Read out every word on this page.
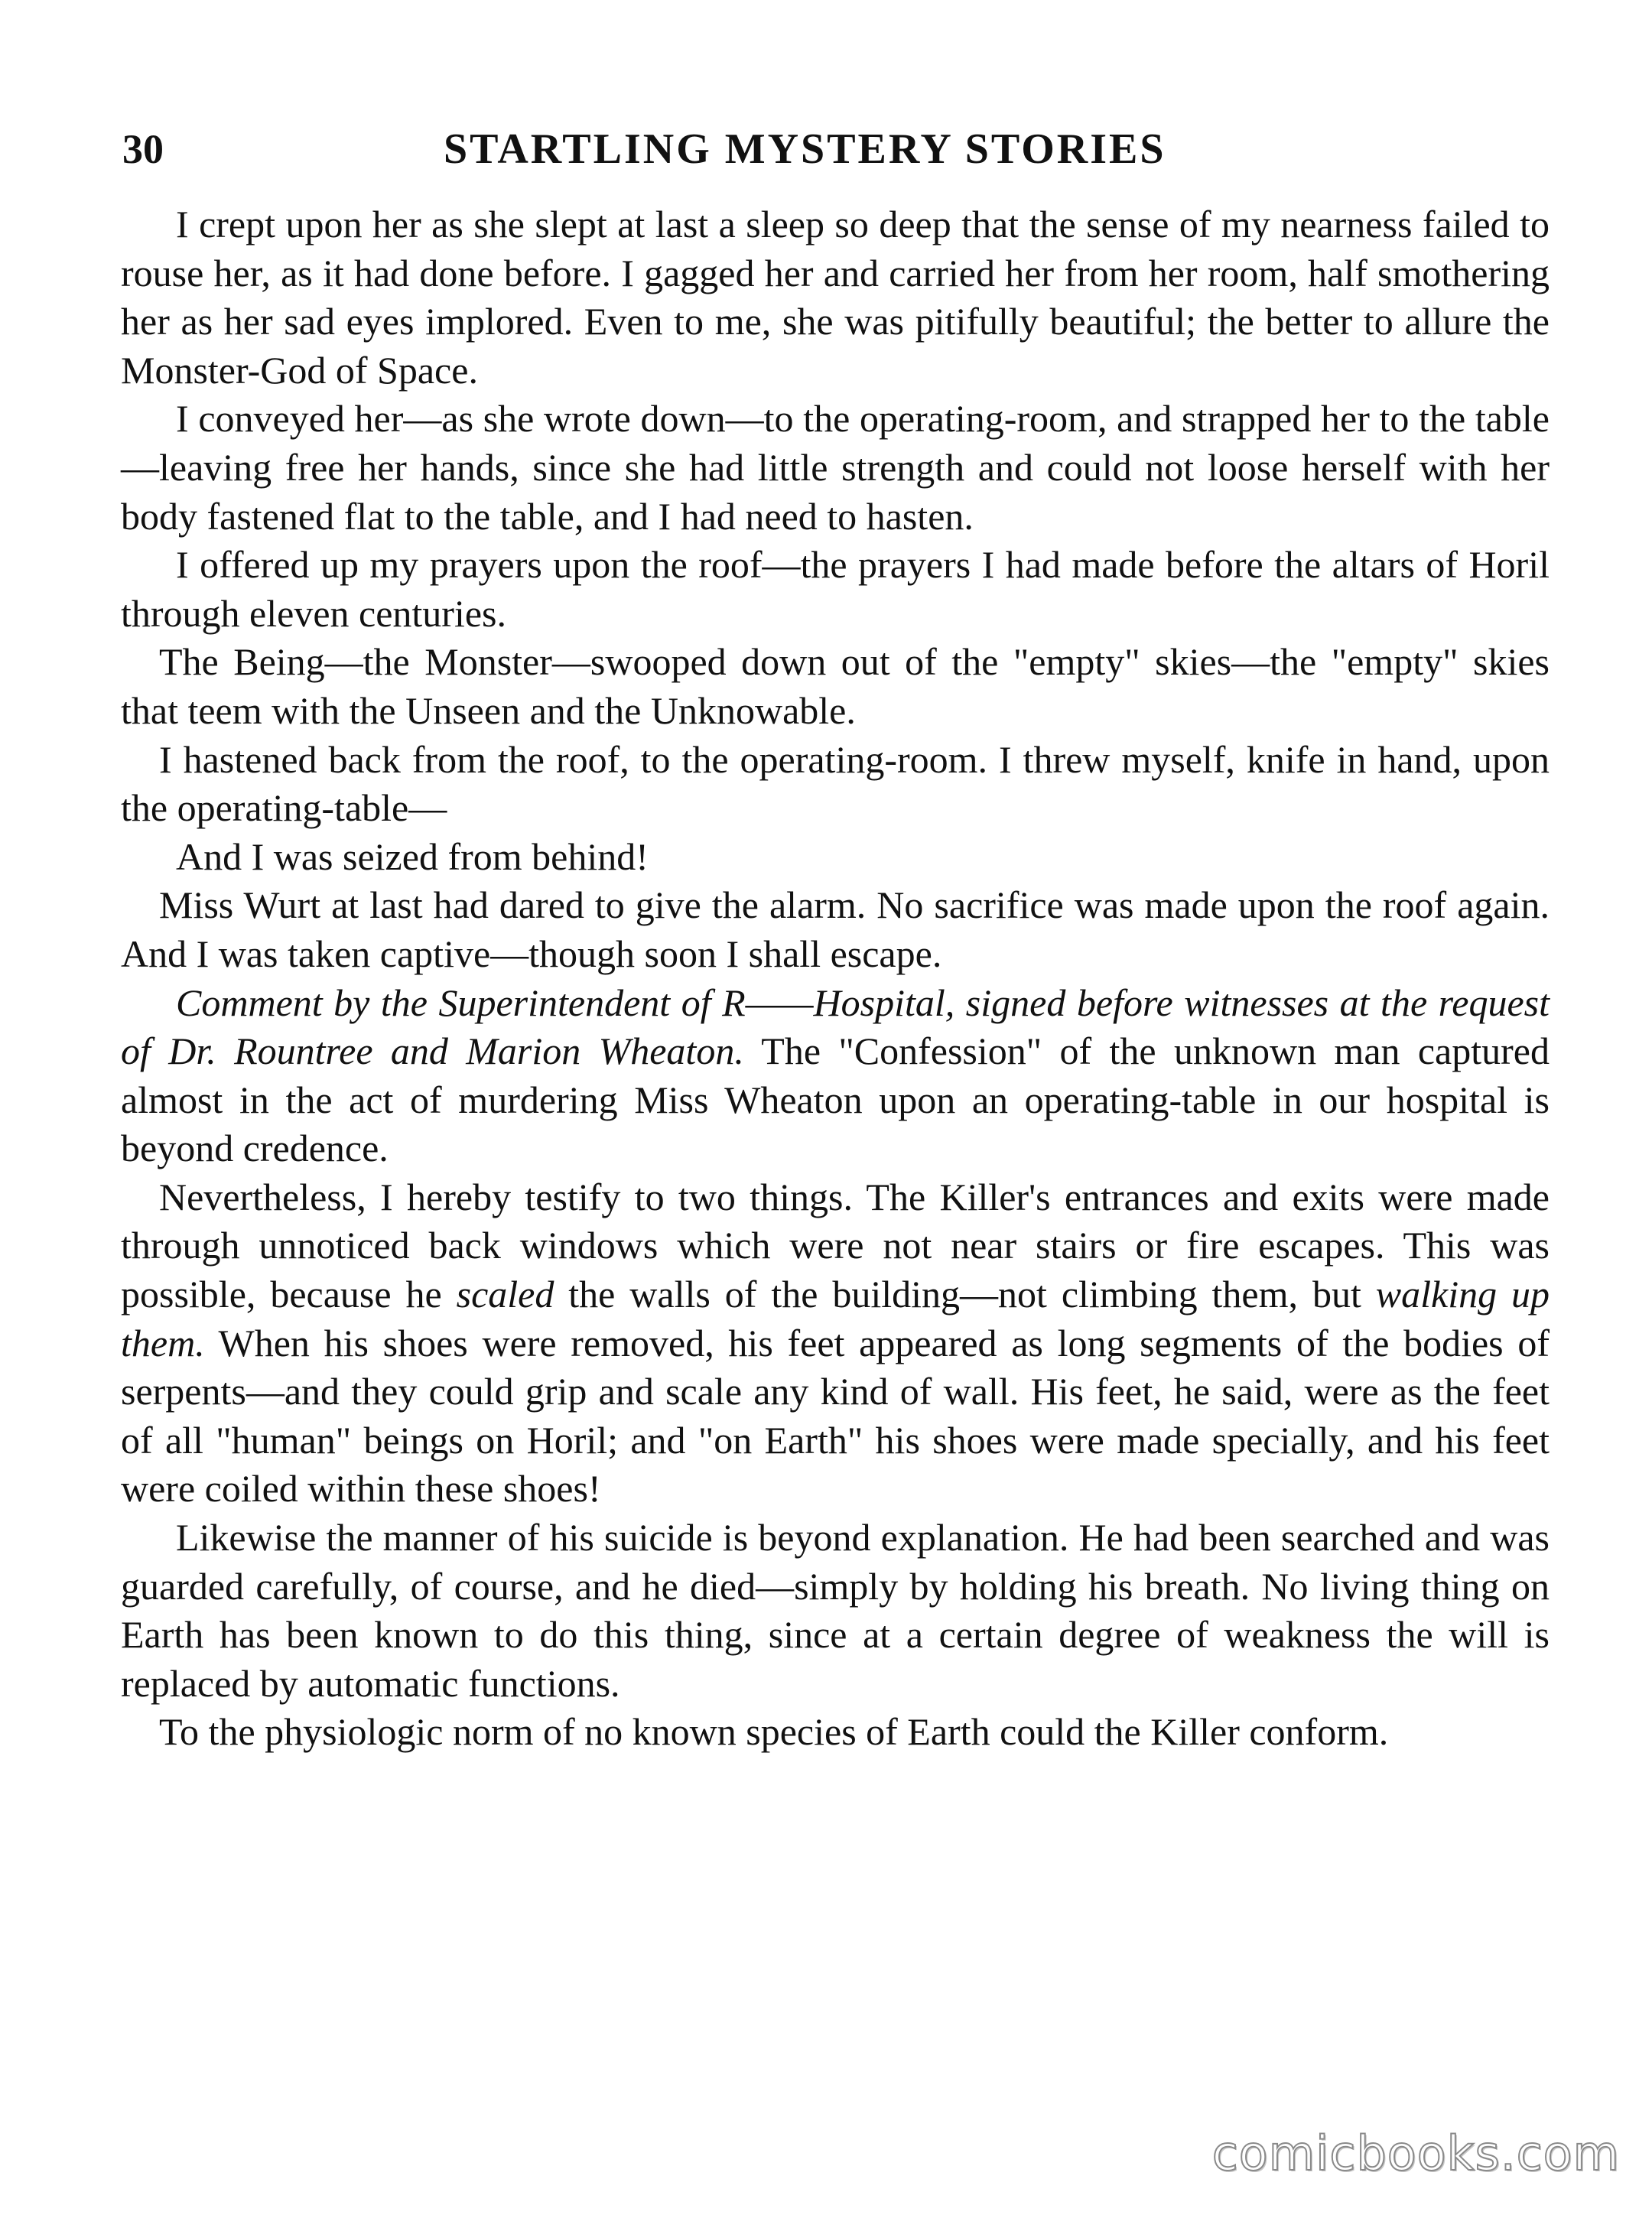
30	STARTLING MYSTERY STORIES

I crept upon her as she slept at last a sleep so deep that the sense of my nearness failed to rouse her, as it had done before. I gagged her and carried her from her room, half smothering her as her sad eyes implored. Even to me, she was pitifully beautiful; the better to allure the Monster-God of Space.

I conveyed her—as she wrote down—to the operating-room, and strapped her to the table—leaving free her hands, since she had little strength and could not loose herself with her body fastened flat to the table, and I had need to hasten.

I offered up my prayers upon the roof—the prayers I had made before the altars of Horil through eleven centuries.

The Being—the Monster—swooped down out of the "empty" skies—the "empty" skies that teem with the Unseen and the Unknowable.

I hastened back from the roof, to the operating-room. I threw myself, knife in hand, upon the operating-table—

And I was seized from behind!

Miss Wurt at last had dared to give the alarm. No sacrifice was made upon the roof again. And I was taken captive—though soon I shall escape.

Comment by the Superintendent of R——Hospital, signed before witnesses at the request of Dr. Rountree and Marion Wheaton. The "Confession" of the unknown man captured almost in the act of murdering Miss Wheaton upon an operating-table in our hospital is beyond credence.

Nevertheless, I hereby testify to two things. The Killer's entrances and exits were made through unnoticed back windows which were not near stairs or fire escapes. This was possible, because he scaled the walls of the building—not climbing them, but walking up them. When his shoes were removed, his feet appeared as long segments of the bodies of serpents—and they could grip and scale any kind of wall. His feet, he said, were as the feet of all "human" beings on Horil; and "on Earth" his shoes were made specially, and his feet were coiled within these shoes!

Likewise the manner of his suicide is beyond explanation. He had been searched and was guarded carefully, of course, and he died—simply by holding his breath. No living thing on Earth has been known to do this thing, since at a certain degree of weakness the will is replaced by automatic functions.

To the physiologic norm of no known species of Earth could the Killer conform.

comicbooks.com
